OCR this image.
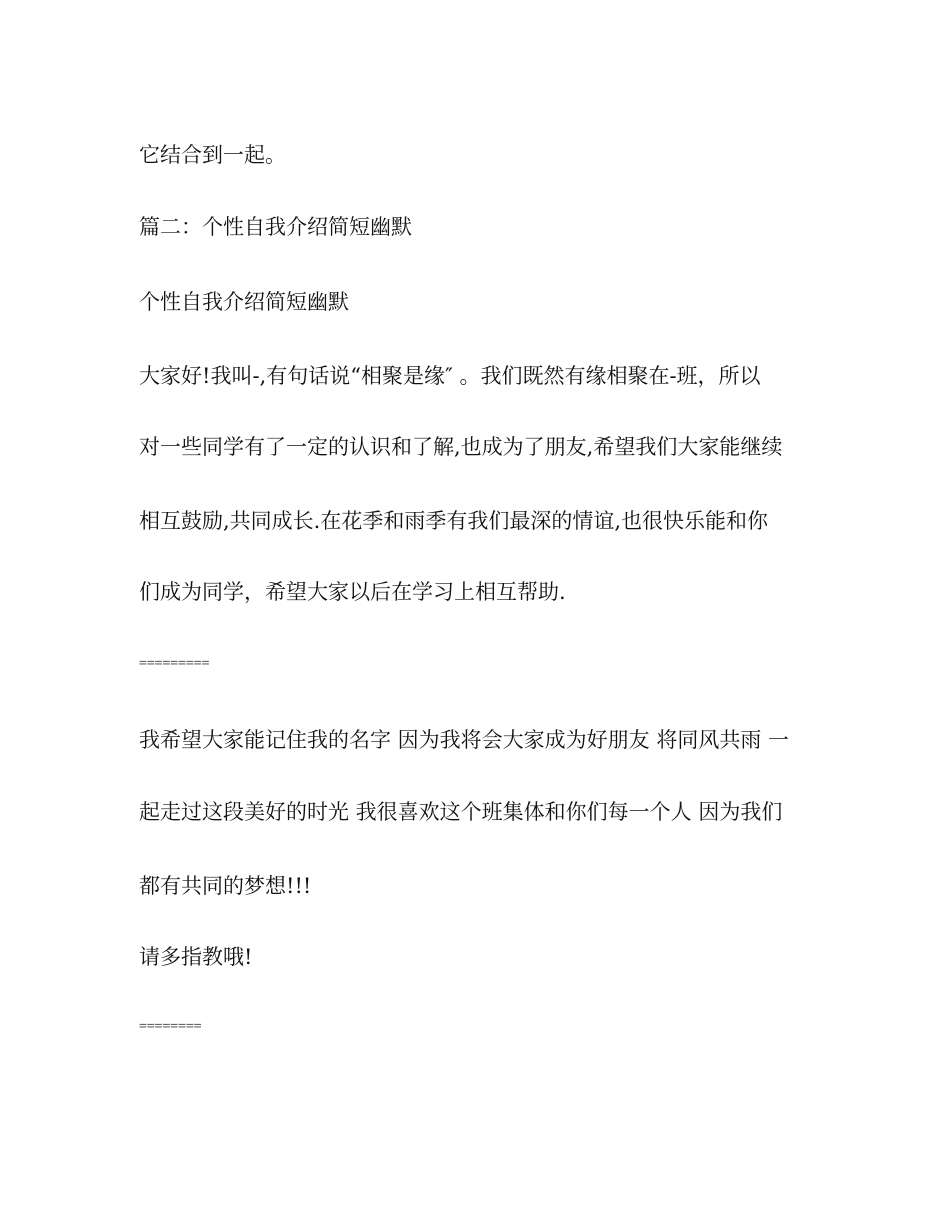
它结合到一起。
篇二：个性自我介绍简短幽默
个性自我介绍简短幽默
大家好!我叫-,有句话说“相聚是缘″ 。我们既然有缘相聚在-班，所以
对一些同学有了一定的认识和了解,也成为了朋友,希望我们大家能继续
相互鼓励,共同成长.在花季和雨季有我们最深的情谊,也很快乐能和你
们成为同学，希望大家以后在学习上相互帮助.
=========
我希望大家能记住我的名字 因为我将会大家成为好朋友 将同风共雨 一
起走过这段美好的时光 我很喜欢这个班集体和你们每一个人 因为我们
都有共同的梦想!!!
请多指教哦!
========
